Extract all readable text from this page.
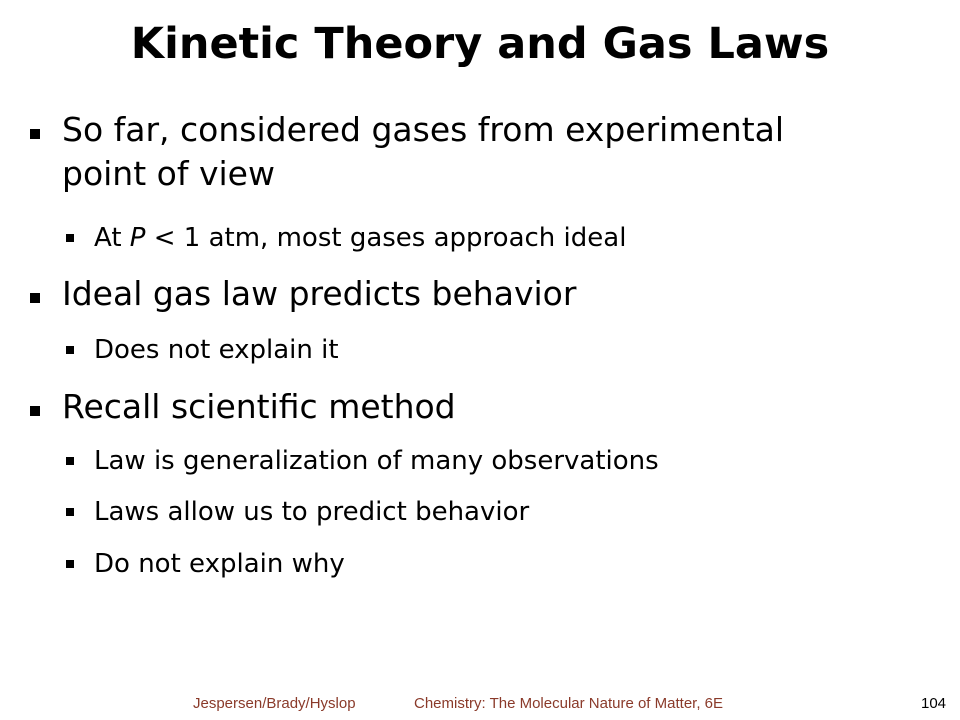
Kinetic Theory and Gas Laws
So far, considered gases from experimental
point of view
At P < 1 atm, most gases approach ideal
Ideal gas law predicts behavior
Does not explain it
Recall scientific method
Law is generalization of many observations
Laws allow us to predict behavior
Do not explain why
Jespersen/Brady/Hyslop	Chemistry: The Molecular Nature of Matter, 6E	104
